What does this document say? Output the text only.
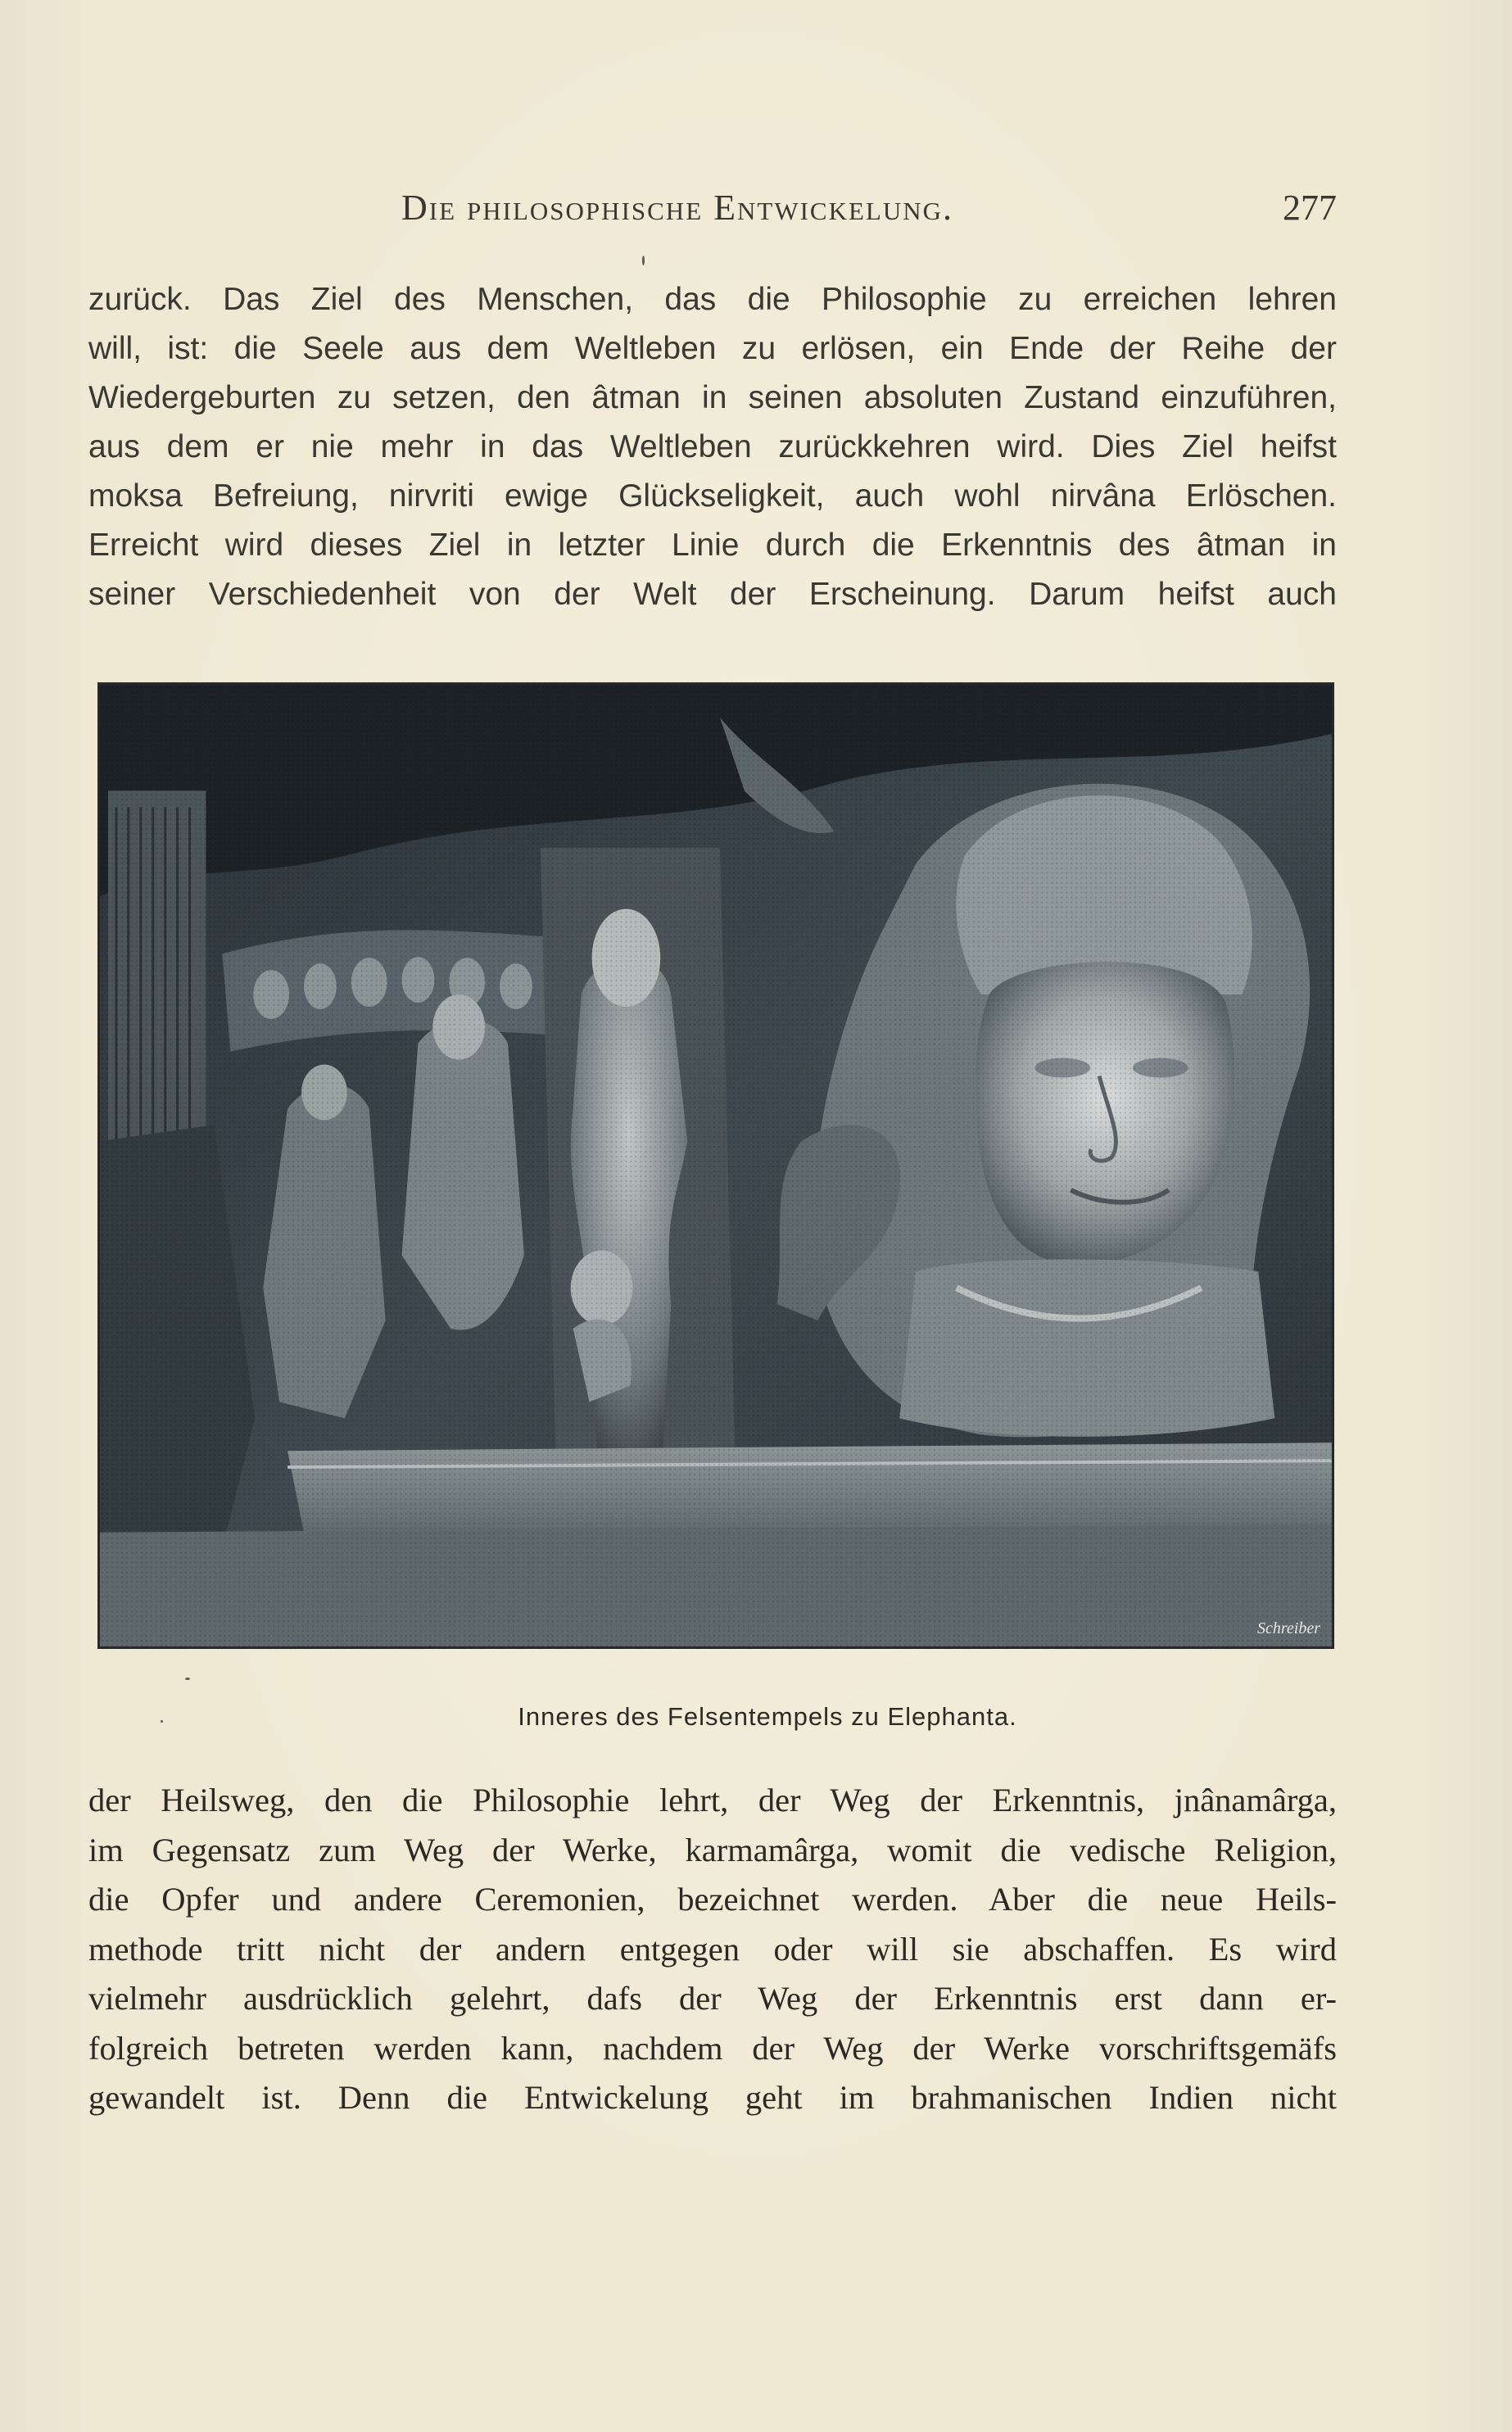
Die philosophische Entwickelung.	277
zurück. Das Ziel des Menschen, das die Philosophie zu erreichen lehren
will, ist: die Seele aus dem Weltleben zu erlösen, ein Ende der Reihe der
Wiedergeburten zu setzen, den âtman in seinen absoluten Zustand einzuführen,
aus dem er nie mehr in das Weltleben zurückkehren wird. Dies Ziel heifst
moksa Befreiung, nirvriti ewige Glückseligkeit, auch wohl nirvâna Erlöschen.
Erreicht wird dieses Ziel in letzter Linie durch die Erkenntnis des âtman in
seiner Verschiedenheit von der Welt der Erscheinung. Darum heifst auch
Schreiber
Inneres des Felsentempels zu Elephanta.
der Heilsweg, den die Philosophie lehrt, der Weg der Erkenntnis, jnânamârga,
im Gegensatz zum Weg der Werke, karmamârga, womit die vedische Religion,
die Opfer und andere Ceremonien, bezeichnet werden. Aber die neue Heils-
methode tritt nicht der andern entgegen oder will sie abschaffen. Es wird
vielmehr ausdrücklich gelehrt, dafs der Weg der Erkenntnis erst dann er-
folgreich betreten werden kann, nachdem der Weg der Werke vorschriftsgemäfs
gewandelt ist. Denn die Entwickelung geht im brahmanischen Indien nicht
